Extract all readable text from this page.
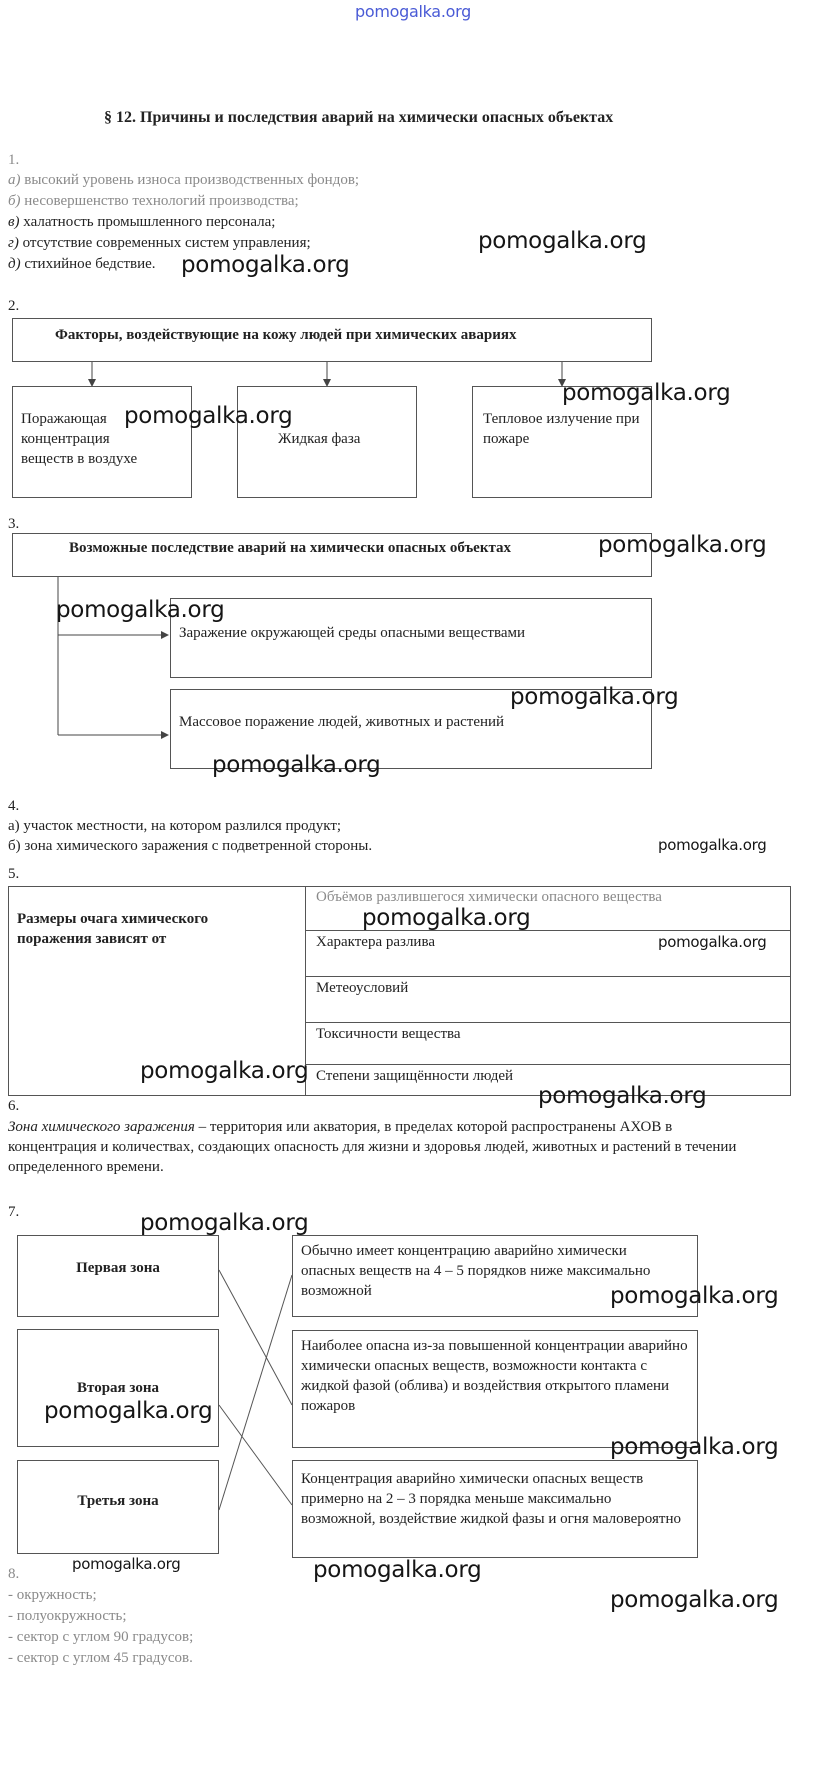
pomogalka.org
§ 12. Причины и последствия аварий на химически опасных объектах
1.
а) высокий уровень износа производственных фондов;
б) несовершенство технологий производства;
в) халатность промышленного персонала;
г) отсутствие современных систем управления;
д) стихийное бедствие.
2.
Факторы, воздействующие на кожу людей при химических авариях
Поражающая концентрация веществ в воздухе
Жидкая фаза
Тепловое излучение при пожаре
3.
Возможные последствие аварий на химически опасных объектах
Заражение окружающей среды опасными веществами
Массовое поражение людей, животных и растений
4.
а) участок местности, на котором разлился продукт;
б) зона химического заражения с подветренной стороны.
5.
Размеры очага химического поражения зависят от
Объёмов разлившегося химически опасного вещества
Характера разлива
Метеоусловий
Токсичности вещества
Степени защищённости людей
6.
Зона химического заражения – территория или акватория, в пределах которой распространены АХОВ в концентрация и количествах, создающих опасность для жизни и здоровья людей, животных и растений в течении определенного времени.
7.
Первая зона
Вторая зона
Третья зона
Обычно имеет концентрацию аварийно химически опасных веществ на 4 – 5 порядков ниже максимально возможной
Наиболее опасна из-за повышенной концентрации аварийно химически опасных веществ, возможности контакта с жидкой фазой (облива) и воздействия открытого пламени пожаров
Концентрация аварийно химически опасных веществ примерно на 2 – 3 порядка меньше максимально возможной, воздействие жидкой фазы и огня маловероятно
8.
- окружность;
- полуокружность;
- сектор с углом 90 градусов;
- сектор с углом 45 градусов.
pomogalka.org
pomogalka.org
pomogalka.org
pomogalka.org
pomogalka.org
pomogalka.org
pomogalka.org
pomogalka.org
pomogalka.org
pomogalka.org
pomogalka.org
pomogalka.org
pomogalka.org
pomogalka.org
pomogalka.org
pomogalka.org
pomogalka.org
pomogalka.org	pomogalka.org
pomogalka.org
